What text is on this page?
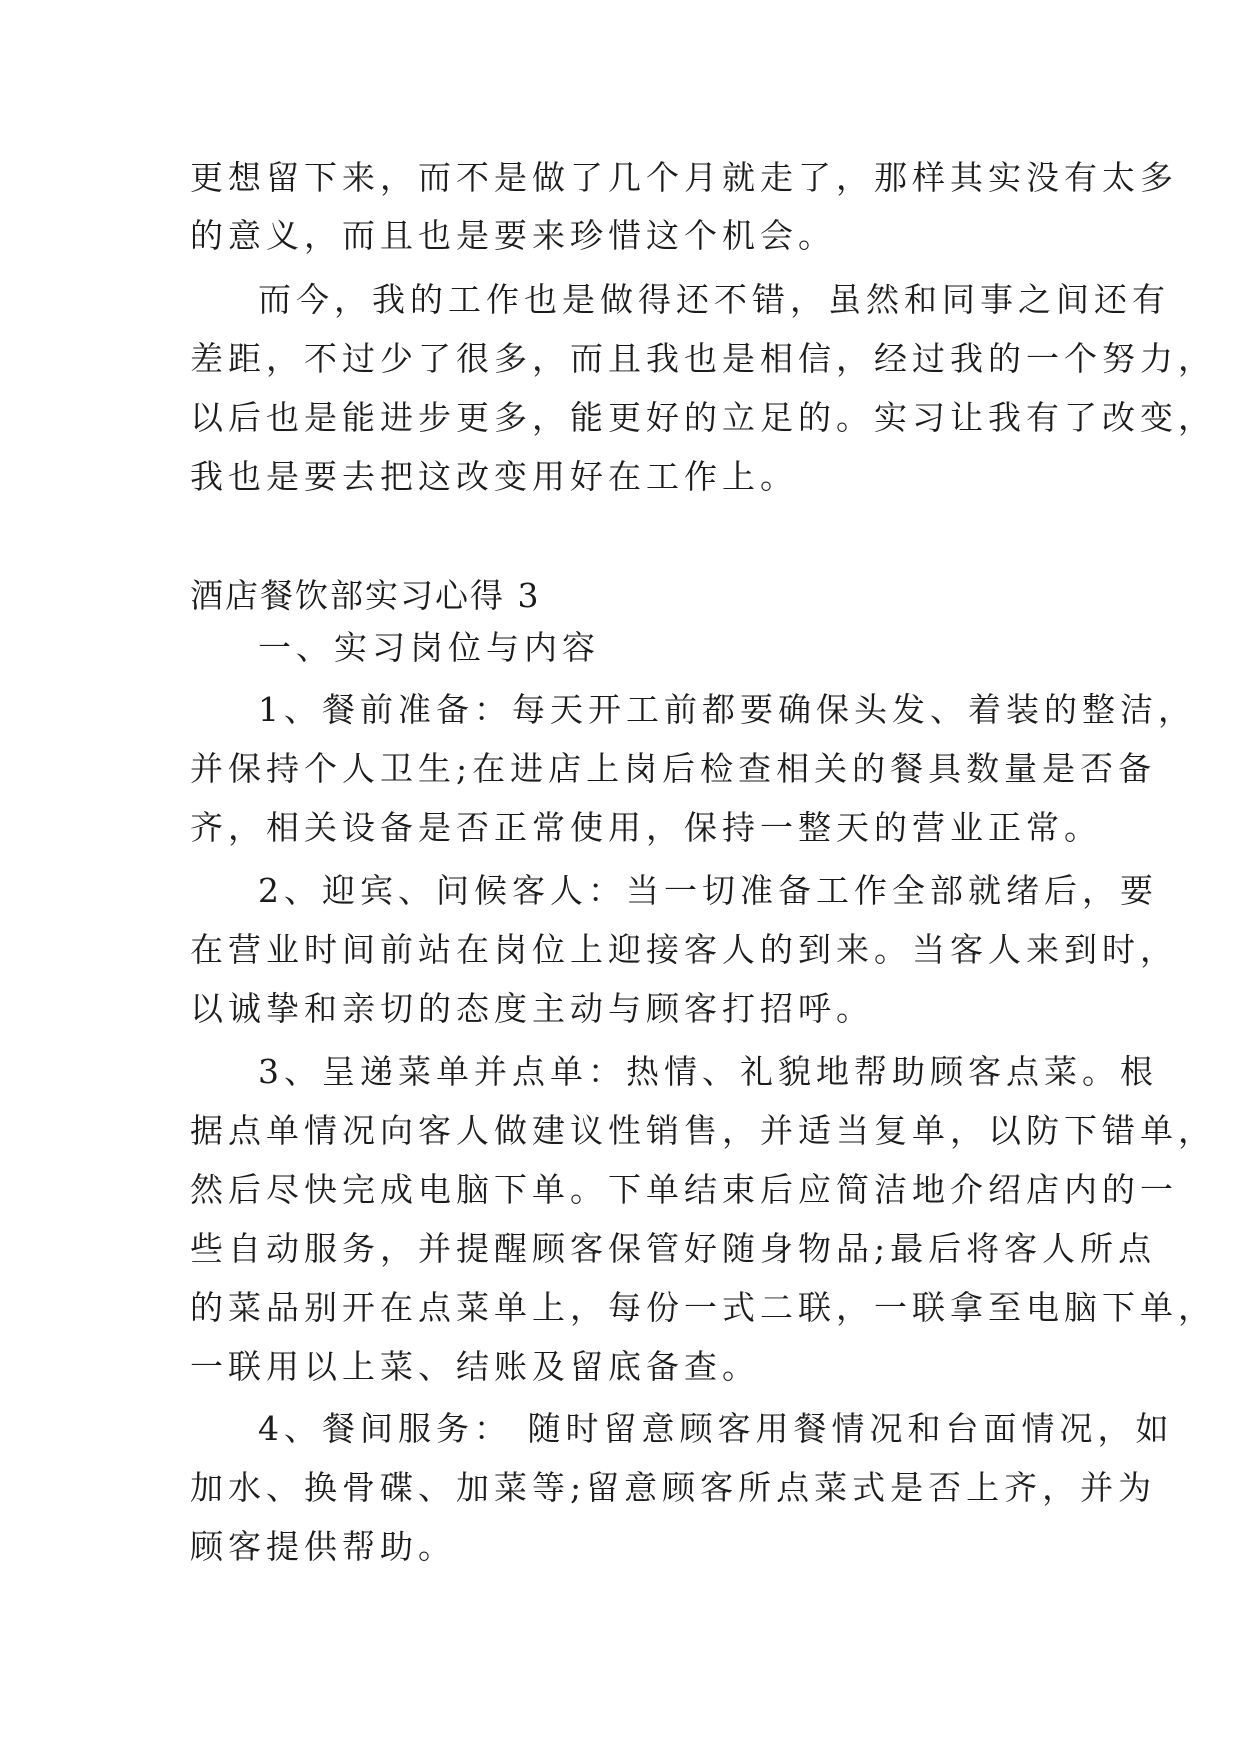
更想留下来，而不是做了几个月就走了，那样其实没有太多
的意义，而且也是要来珍惜这个机会。
而今，我的工作也是做得还不错，虽然和同事之间还有
差距，不过少了很多，而且我也是相信，经过我的一个努力，
以后也是能进步更多，能更好的立足的。实习让我有了改变，
我也是要去把这改变用好在工作上。
酒店餐饮部实习心得 3
一、实习岗位与内容
1、餐前准备：每天开工前都要确保头发、着装的整洁，
并保持个人卫生;在进店上岗后检查相关的餐具数量是否备
齐，相关设备是否正常使用，保持一整天的营业正常。
2、迎宾、问候客人：当一切准备工作全部就绪后，要
在营业时间前站在岗位上迎接客人的到来。当客人来到时，
以诚挚和亲切的态度主动与顾客打招呼。
3、呈递菜单并点单：热情、礼貌地帮助顾客点菜。根
据点单情况向客人做建议性销售，并适当复单，以防下错单，
然后尽快完成电脑下单。下单结束后应简洁地介绍店内的一
些自动服务，并提醒顾客保管好随身物品;最后将客人所点
的菜品别开在点菜单上，每份一式二联，一联拿至电脑下单，
一联用以上菜、结账及留底备查。
4、餐间服务： 随时留意顾客用餐情况和台面情况，如
加水、换骨碟、加菜等;留意顾客所点菜式是否上齐，并为
顾客提供帮助。
